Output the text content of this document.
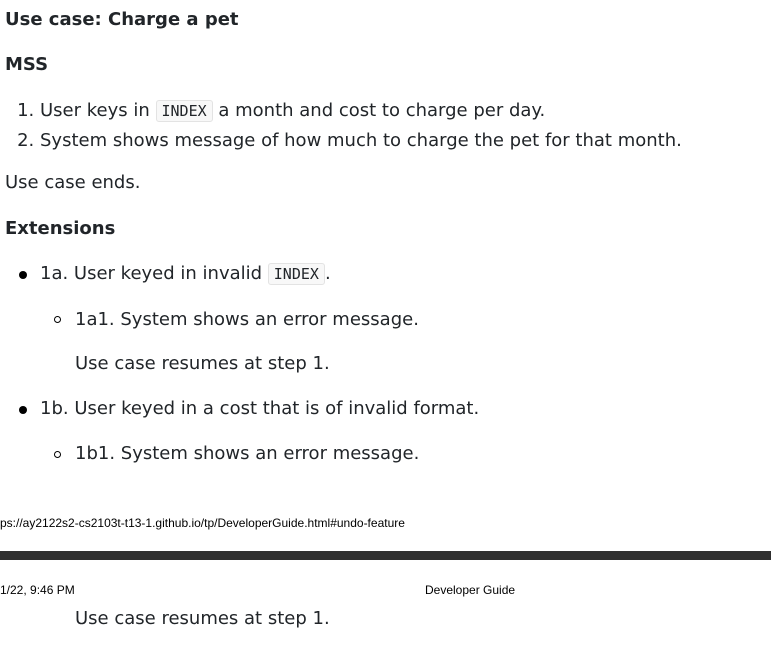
Use case: Charge a pet
MSS
1. User keys in INDEX a month and cost to charge per day.
2. System shows message of how much to charge the pet for that month.

Use case ends.

Extensions
1a. User keyed in invalid INDEX .
1a1. System shows an error message.
Use case resumes at step 1.
1b. User keyed in a cost that is of invalid format.
1b1. System shows an error message.
ps://ay2122s2-cs2103t-t13-1.github.io/tp/DeveloperGuide.html#undo-feature
1/22, 9:46 PM	Developer Guide
Use case resumes at step 1.
